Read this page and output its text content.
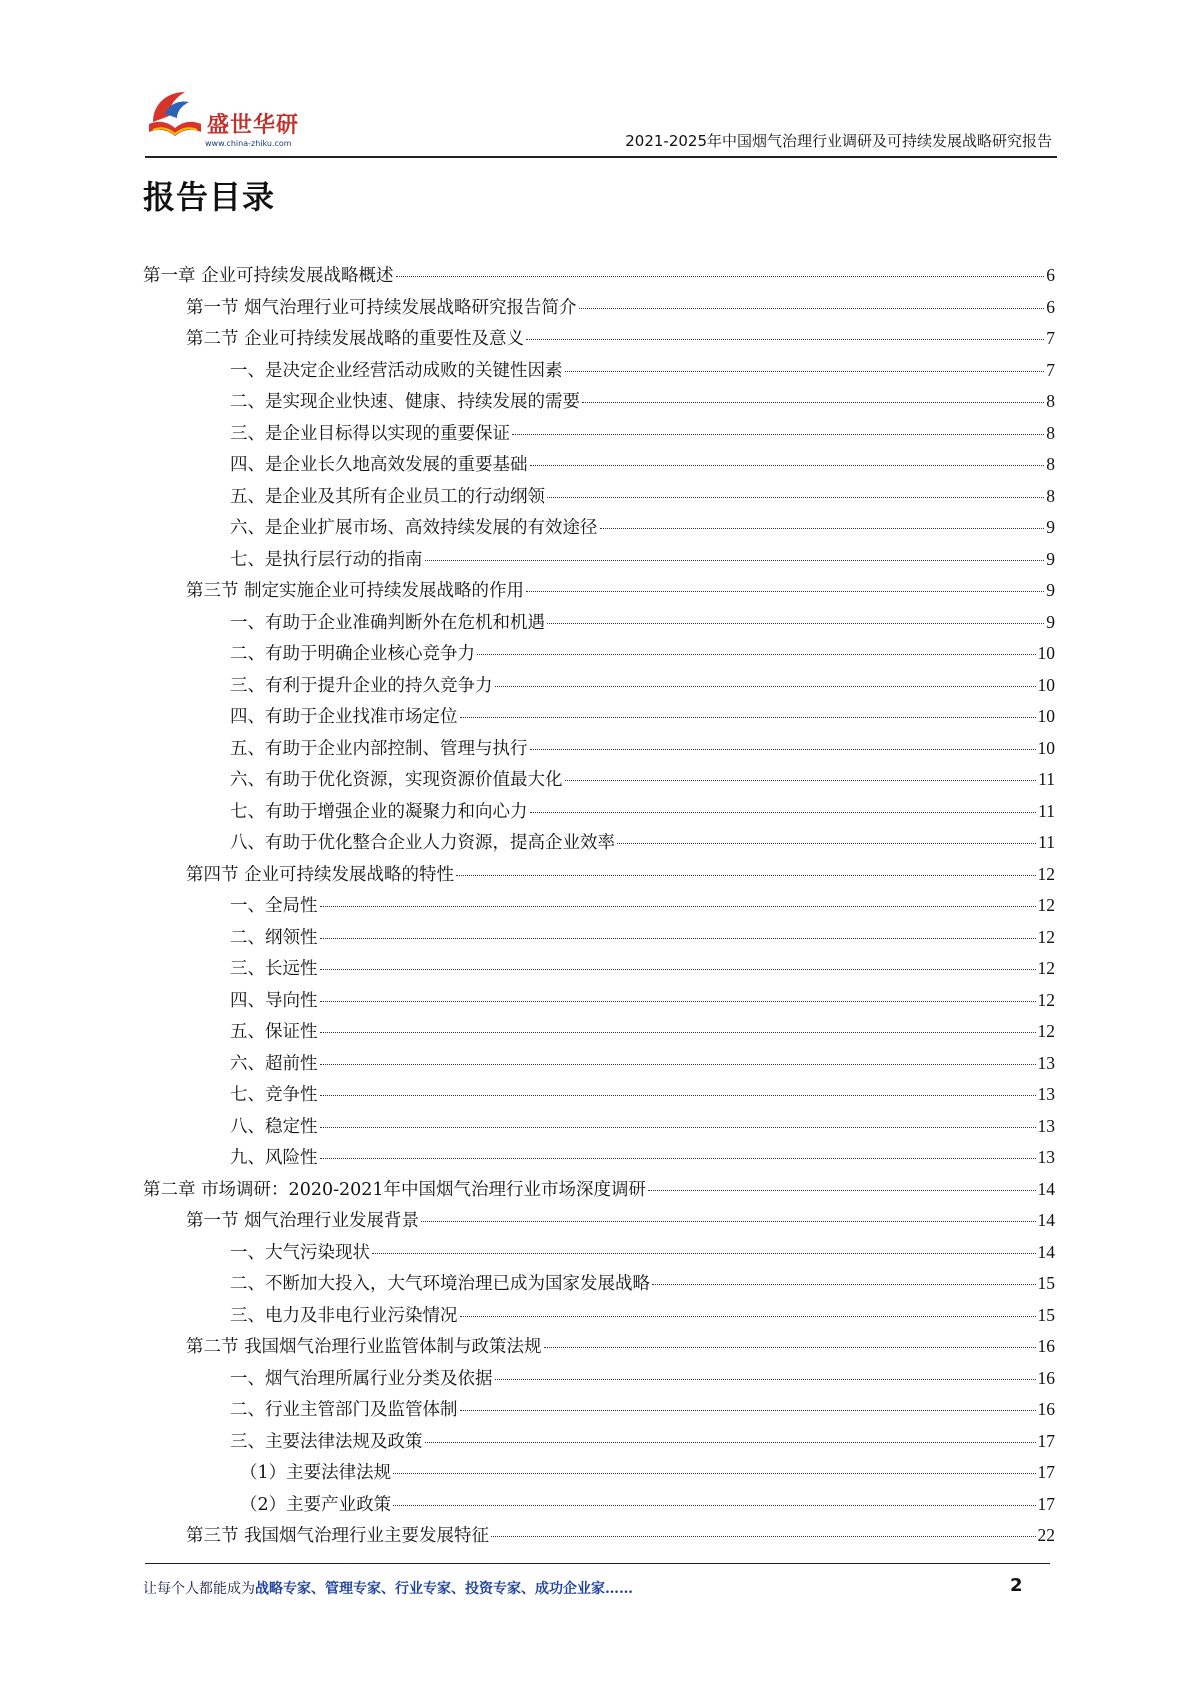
盛世华研
www.china-zhiku.com	2021-2025年中国烟气治理行业调研及可持续发展战略研究报告
报告目录
第一章 企业可持续发展战略概述	6
第一节 烟气治理行业可持续发展战略研究报告简介	6
第二节 企业可持续发展战略的重要性及意义	7
一、是决定企业经营活动成败的关键性因素	7
二、是实现企业快速、健康、持续发展的需要	8
三、是企业目标得以实现的重要保证	8
四、是企业长久地高效发展的重要基础	8
五、是企业及其所有企业员工的行动纲领	8
六、是企业扩展市场、高效持续发展的有效途径	9
七、是执行层行动的指南	9
第三节 制定实施企业可持续发展战略的作用	9
一、有助于企业准确判断外在危机和机遇	9
二、有助于明确企业核心竞争力	10
三、有利于提升企业的持久竞争力	10
四、有助于企业找准市场定位	10
五、有助于企业内部控制、管理与执行	10
六、有助于优化资源，实现资源价值最大化	11
七、有助于增强企业的凝聚力和向心力	11
八、有助于优化整合企业人力资源，提高企业效率	11
第四节 企业可持续发展战略的特性	12
一、全局性	12
二、纲领性	12
三、长远性	12
四、导向性	12
五、保证性	12
六、超前性	13
七、竞争性	13
八、稳定性	13
九、风险性	13
第二章 市场调研：2020-2021年中国烟气治理行业市场深度调研	14
第一节 烟气治理行业发展背景	14
一、大气污染现状	14
二、不断加大投入，大气环境治理已成为国家发展战略	15
三、电力及非电行业污染情况	15
第二节 我国烟气治理行业监管体制与政策法规	16
一、烟气治理所属行业分类及依据	16
二、行业主管部门及监管体制	16
三、主要法律法规及政策	17
（1）主要法律法规	17
（2）主要产业政策	17
第三节 我国烟气治理行业主要发展特征	22
让每个人都能成为战略专家、管理专家、行业专家、投资专家、成功企业家……	2
